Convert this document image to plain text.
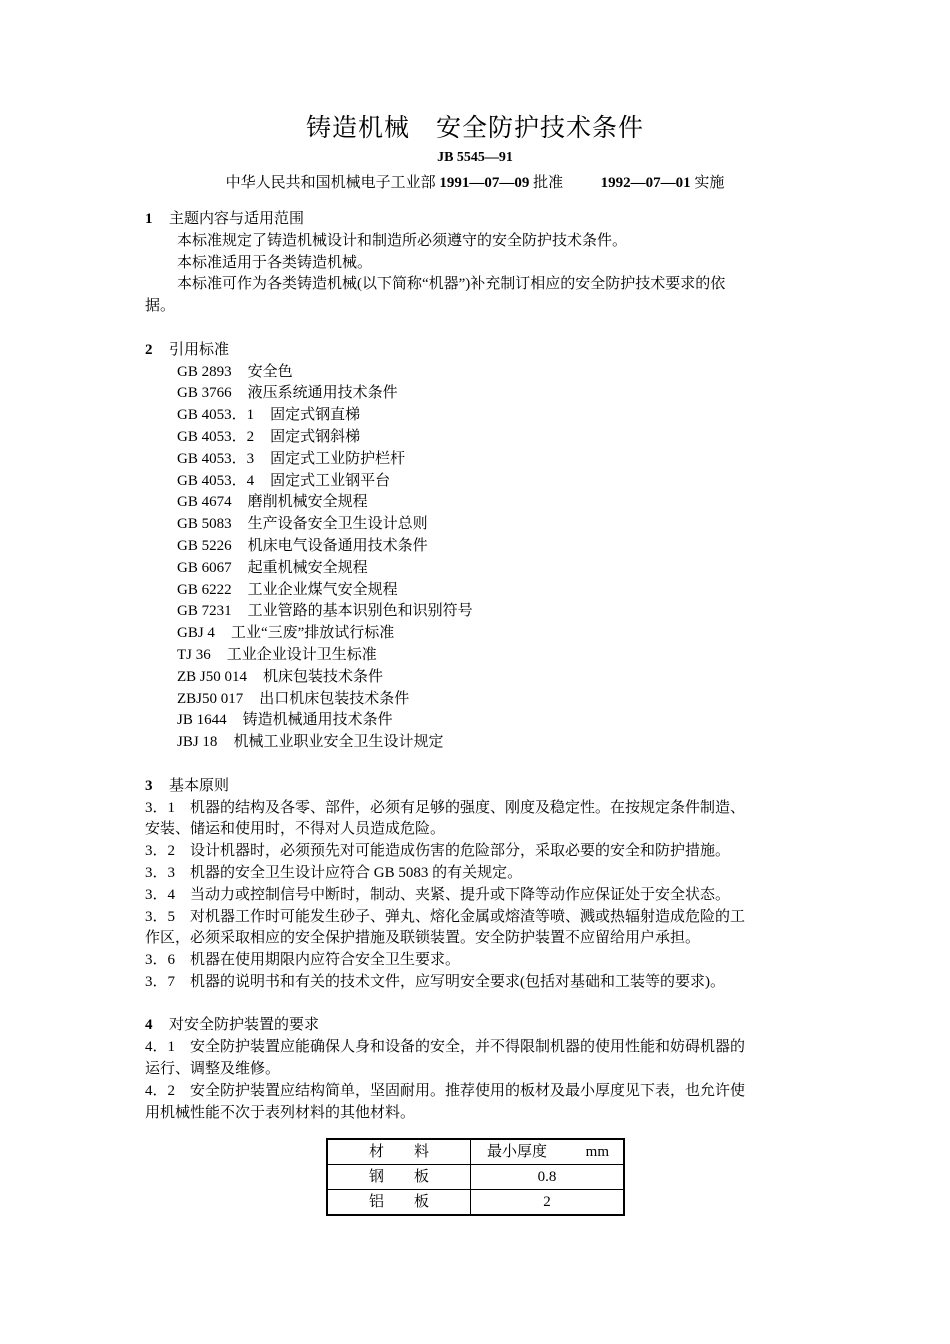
铸造机械　安全防护技术条件
JB 5545—91
中华人民共和国机械电子工业部 1991—07—09 批准	1992—07—01 实施
1 主题内容与适用范围
本标准规定了铸造机械设计和制造所必须遵守的安全防护技术条件。
本标准适用于各类铸造机械。
本标准可作为各类铸造机械(以下简称“机器”)补充制订相应的安全防护技术要求的依
据。
2 引用标准
GB 2893 安全色
GB 3766 液压系统通用技术条件
GB 4053．1 固定式钢直梯
GB 4053．2 固定式钢斜梯
GB 4053．3 固定式工业防护栏杆
GB 4053．4 固定式工业钢平台
GB 4674 磨削机械安全规程
GB 5083 生产设备安全卫生设计总则
GB 5226 机床电气设备通用技术条件
GB 6067 起重机械安全规程
GB 6222 工业企业煤气安全规程
GB 7231 工业管路的基本识别色和识别符号
GBJ 4 工业“三废”排放试行标准
TJ 36 工业企业设计卫生标准
ZB J50 014 机床包装技术条件
ZBJ50 017 出口机床包装技术条件
JB 1644 铸造机械通用技术条件
JBJ 18 机械工业职业安全卫生设计规定
3 基本原则
3．1　机器的结构及各零、部件，必须有足够的强度、刚度及稳定性。在按规定条件制造、
安装、储运和使用时，不得对人员造成危险。
3．2　设计机器时，必须预先对可能造成伤害的危险部分，采取必要的安全和防护措施。
3．3　机器的安全卫生设计应符合 GB 5083 的有关规定。
3．4　当动力或控制信号中断时，制动、夹紧、提升或下降等动作应保证处于安全状态。
3．5　对机器工作时可能发生砂子、弹丸、熔化金属或熔渣等喷、溅或热辐射造成危险的工
作区，必须采取相应的安全保护措施及联锁装置。安全防护装置不应留给用户承担。
3．6　机器在使用期限内应符合安全卫生要求。
3．7　机器的说明书和有关的技术文件，应写明安全要求(包括对基础和工装等的要求)。
4 对安全防护装置的要求
4．1　安全防护装置应能确保人身和设备的安全，并不得限制机器的使用性能和妨碍机器的
运行、调整及维修。
4．2　安全防护装置应结构简单，坚固耐用。推荐使用的板材及最小厚度见下表，也允许使
用机械性能不次于表列材料的其他材料。
材　　料	最小厚度 mm

钢　　板	0.8
铝　　板	2
